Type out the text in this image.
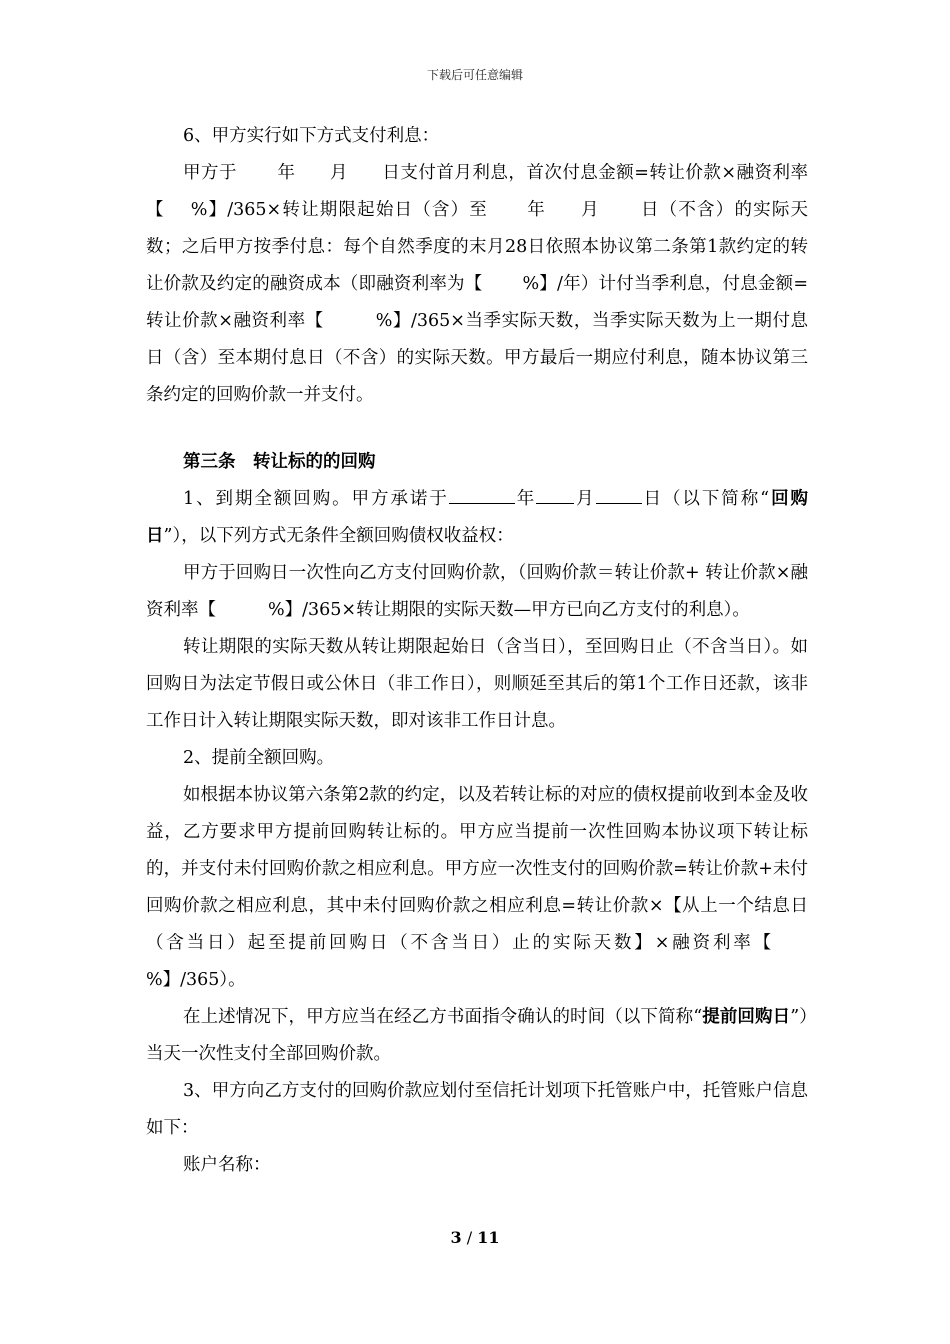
下载后可任意编辑

6、甲方实行如下方式支付利息：

甲方于 年 月 日支付首月利息，首次付息金额=转让价款×融资利率【 %】/365×转让期限起始日（含）至 年 月 日（不含）的实际天数；之后甲方按季付息：每个自然季度的末月28日依照本协议第二条第1款约定的转让价款及约定的融资成本（即融资利率为【 %】/年）计付当季利息，付息金额=转让价款×融资利率【	%】/365×当季实际天数，当季实际天数为上一期付息日（含）至本期付息日（不含）的实际天数。甲方最后一期应付利息，随本协议第三条约定的回购价款一并支付。

第三条　转让标的的回购

1、到期全额回购。甲方承诺于	年 月	日（以下简称“回购日”），以下列方式无条件全额回购债权收益权：

甲方于回购日一次性向乙方支付回购价款，（回购价款＝转让价款+ 转让价款×融资利率【	%】/365×转让期限的实际天数—甲方已向乙方支付的利息）。

转让期限的实际天数从转让期限起始日（含当日），至回购日止（不含当日）。如回购日为法定节假日或公休日（非工作日），则顺延至其后的第1个工作日还款，该非工作日计入转让期限实际天数，即对该非工作日计息。

2、提前全额回购。

如根据本协议第六条第2款的约定，以及若转让标的对应的债权提前收到本金及收益，乙方要求甲方提前回购转让标的。甲方应当提前一次性回购本协议项下转让标的，并支付未付回购价款之相应利息。甲方应一次性支付的回购价款=转让价款+未付回购价款之相应利息，其中未付回购价款之相应利息=转让价款×【从上一个结息日（含当日）起至提前回购日（不含当日）止的实际天数】×融资利率【%】/365）。

在上述情况下，甲方应当在经乙方书面指令确认的时间（以下简称“提前回购日”）当天一次性支付全部回购价款。

3、甲方向乙方支付的回购价款应划付至信托计划项下托管账户中，托管账户信息如下：

账户名称：

3 / 11
